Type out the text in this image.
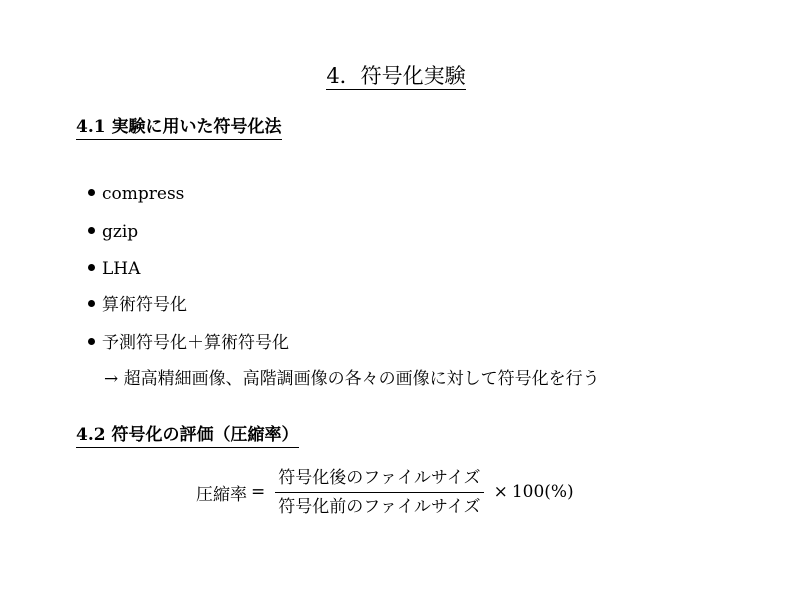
4．符号化実験
4.1 実験に用いた符号化法
compress
gzip
LHA
算術符号化
予測符号化＋算術符号化
→ 超高精細画像、高階調画像の各々の画像に対して符号化を行う
4.2 符号化の評価（圧縮率）
圧縮率 = $\frac{\text{符号化後のファイルサイズ}}{\text{符号化前のファイルサイズ}} \times 100(\%)$
